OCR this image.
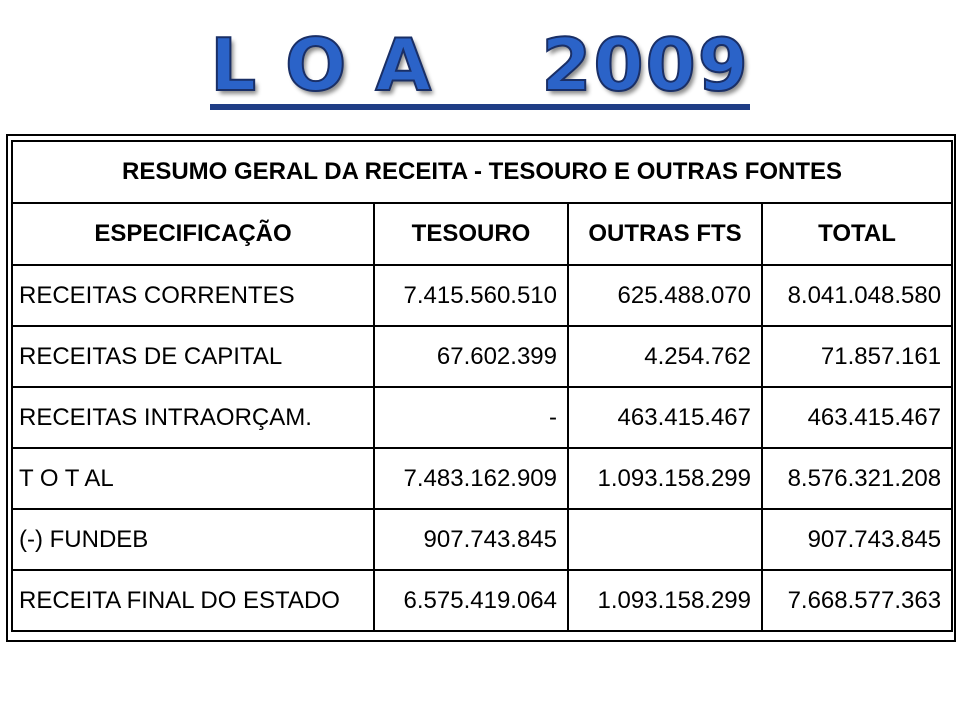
L O A    2009
RESUMO GERAL DA RECEITA - TESOURO E OUTRAS FONTES			
ESPECIFICAÇÃO	TESOURO	OUTRAS FTS	TOTAL
RECEITAS CORRENTES	7.415.560.510	625.488.070	8.041.048.580
RECEITAS DE CAPITAL	67.602.399	4.254.762	71.857.161
RECEITAS INTRAORÇAM.	-	463.415.467	463.415.467
T O T AL	7.483.162.909	1.093.158.299	8.576.321.208
(-) FUNDEB	907.743.845		907.743.845
RECEITA FINAL DO ESTADO	6.575.419.064	1.093.158.299	7.668.577.363
